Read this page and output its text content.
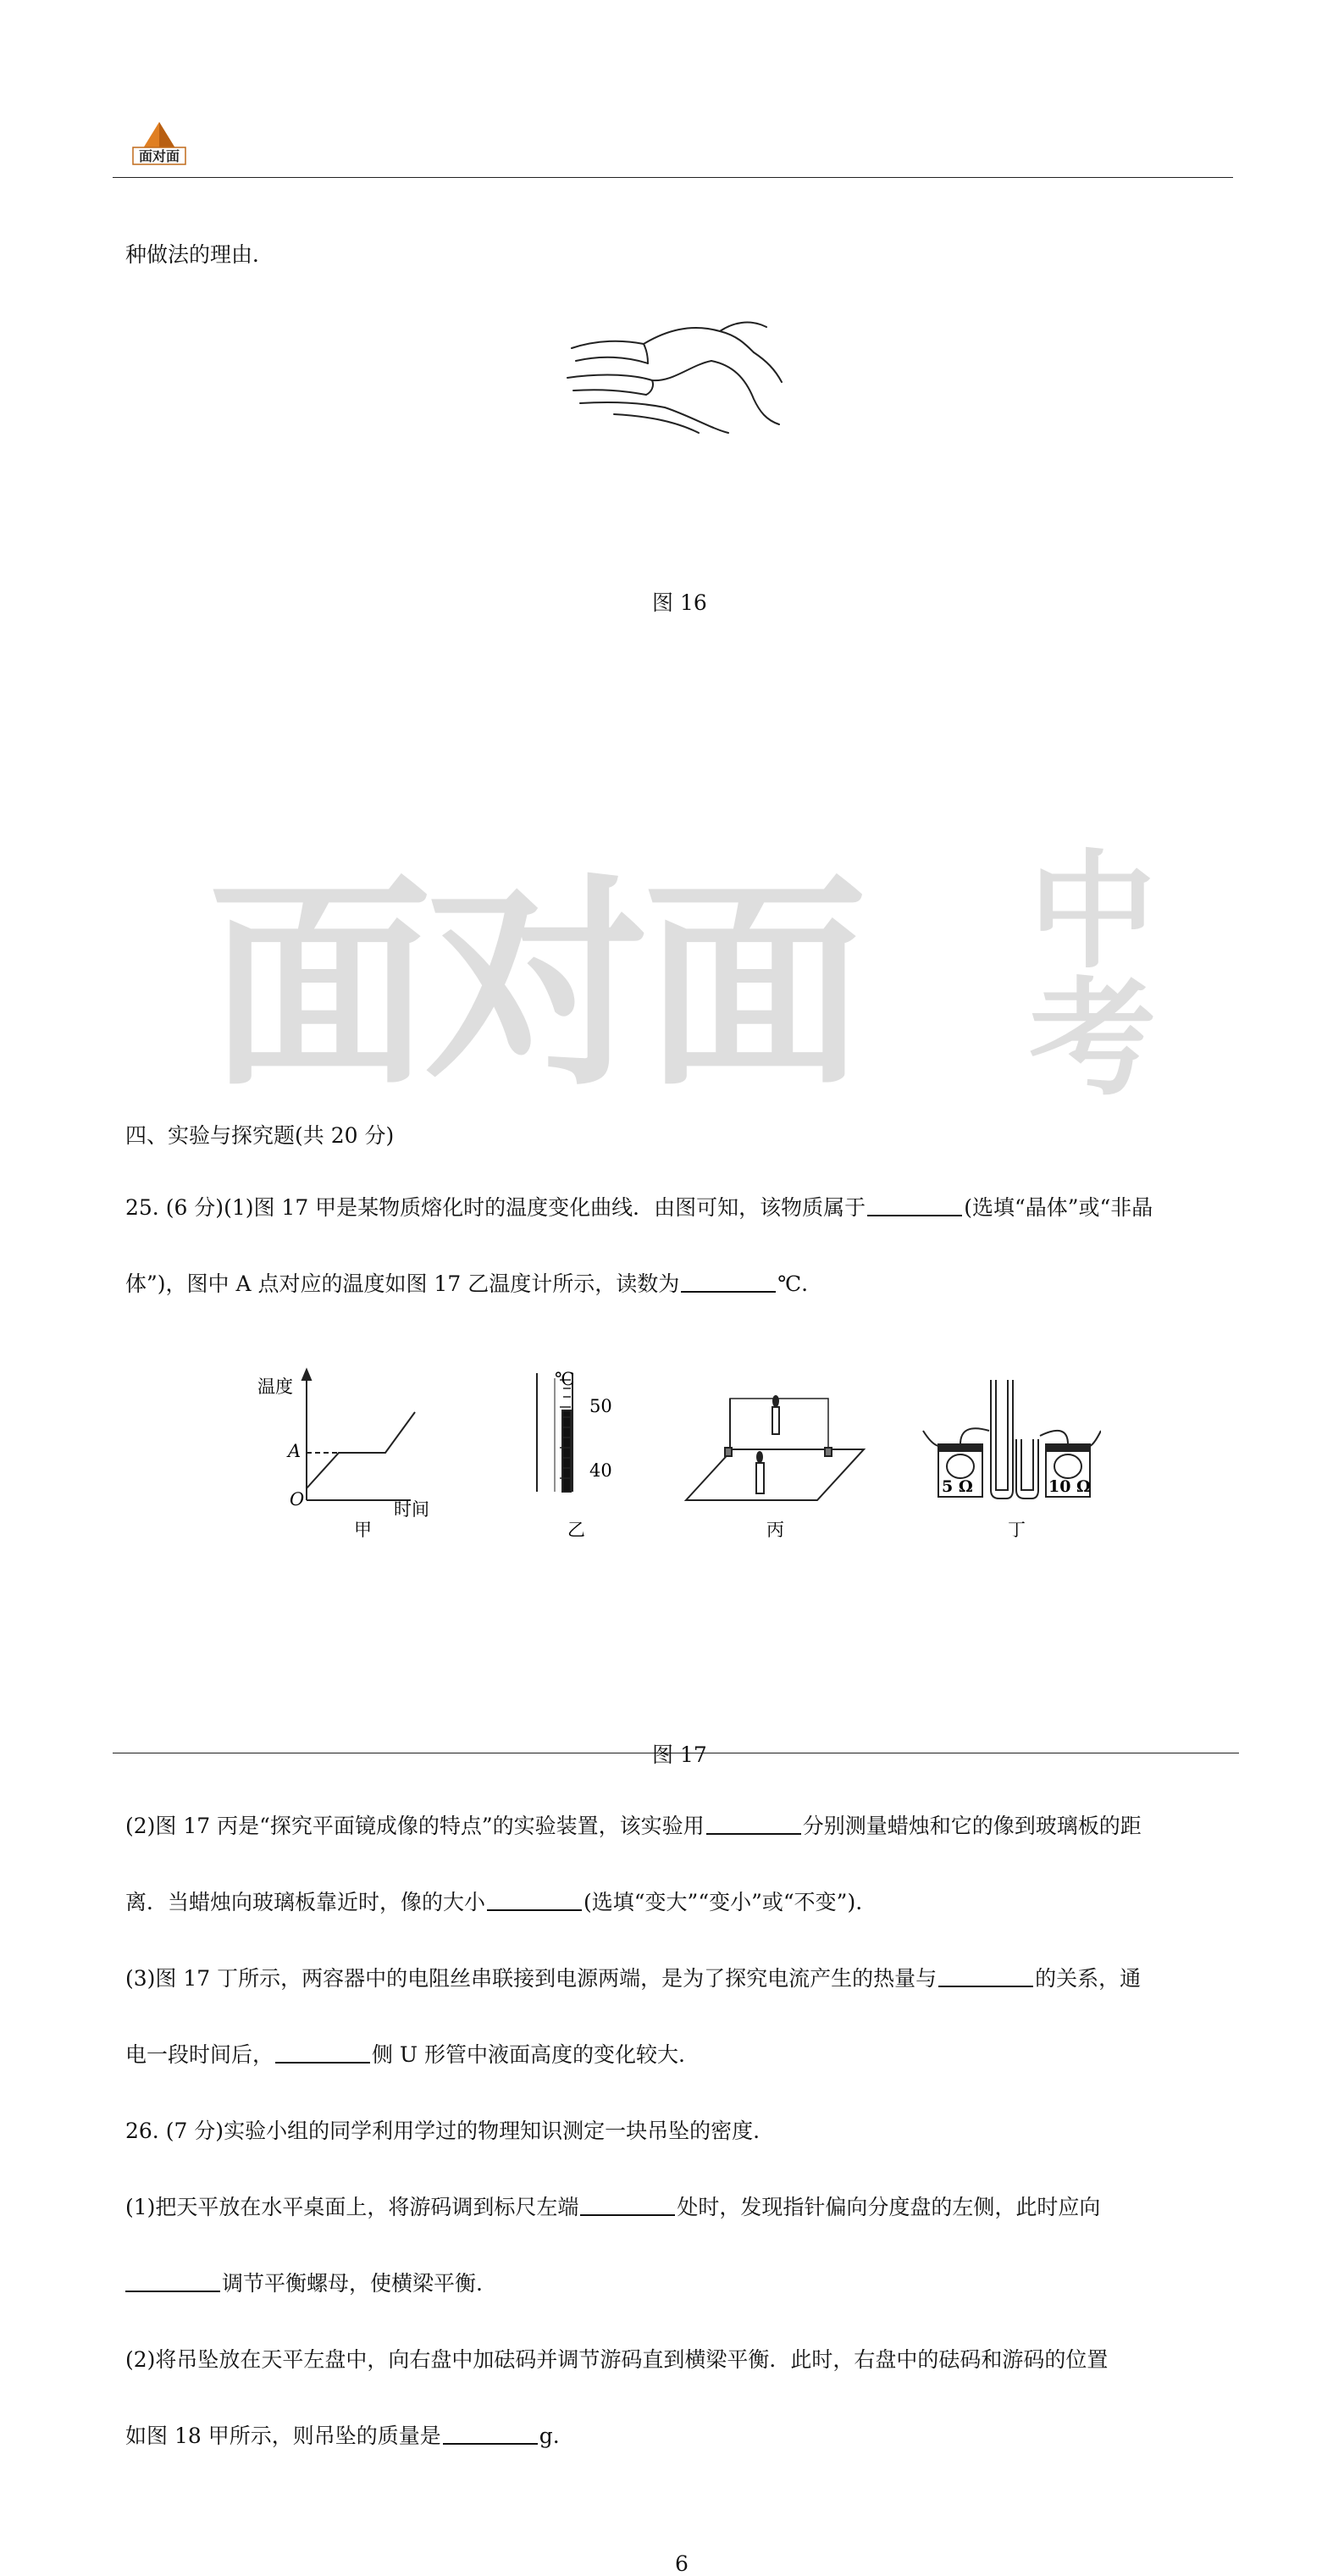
面对面 中
考
面对面
种做法的理由．
图 16
四、实验与探究题(共 20 分)
25. (6 分)(1)图 17 甲是某物质熔化时的温度变化曲线．由图可知，该物质属于	(选填“晶体”或“非晶
体”)，图中 A 点对应的温度如图 17 乙温度计所示，读数为	℃.
温度
A
O	时间
甲
℃
50
40
乙	丙
5 Ω	10 Ω
丁
图 17
(2)图 17 丙是“探究平面镜成像的特点”的实验装置，该实验用	分别测量蜡烛和它的像到玻璃板的距
离．当蜡烛向玻璃板靠近时，像的大小	(选填“变大”“变小”或“不变”).
(3)图 17 丁所示，两容器中的电阻丝串联接到电源两端，是为了探究电流产生的热量与	的关系，通
电一段时间后，	侧 U 形管中液面高度的变化较大.
26. (7 分)实验小组的同学利用学过的物理知识测定一块吊坠的密度.
(1)把天平放在水平桌面上，将游码调到标尺左端	处时，发现指针偏向分度盘的左侧，此时应向
调节平衡螺母，使横梁平衡.
(2)将吊坠放在天平左盘中，向右盘中加砝码并调节游码直到横梁平衡．此时，右盘中的砝码和游码的位置
如图 18 甲所示，则吊坠的质量是	g.
6
